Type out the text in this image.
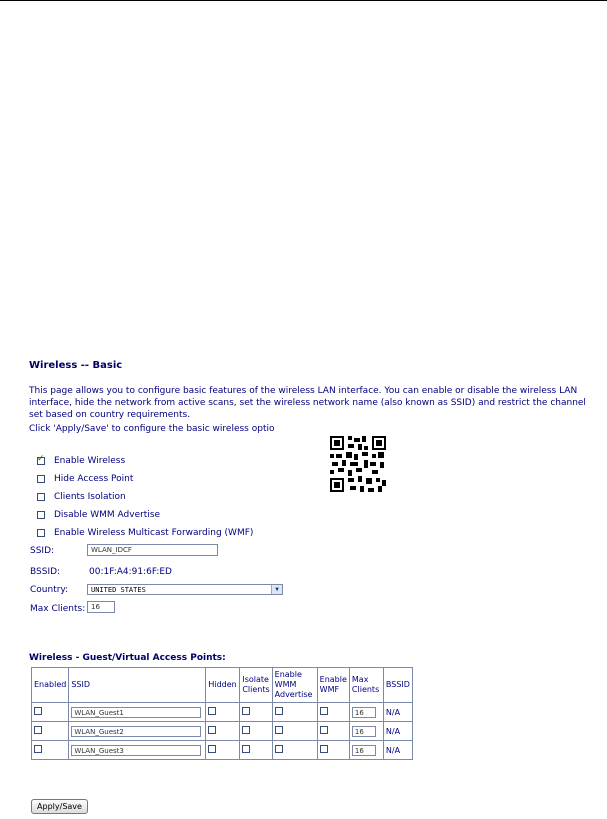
Wireless -- Basic
This page allows you to configure basic features of the wireless LAN interface. You can enable or disable the wireless LAN interface, hide the network from active scans, set the wireless network name (also known as SSID) and restrict the channel set based on country requirements.
Click 'Apply/Save' to configure the basic wireless optio
✓
Enable Wireless
Hide Access Point
Clients Isolation
Disable WMM Advertise
Enable Wireless Multicast Forwarding (WMF)
SSID:	WLAN_IDCF
BSSID:	00:1F:A4:91:6F:ED
Country:	UNITED STATES	▼
Max Clients: 16
Wireless - Guest/Virtual Access Points:
Enabled	SSID	Hidden	Isolate Clients	Enable WMM Advertise	Enable WMF	Max Clients	BSSID

	WLAN_Guest1					16	N/A

	WLAN_Guest2					16	N/A

	WLAN_Guest3					16	N/A
Apply/Save
